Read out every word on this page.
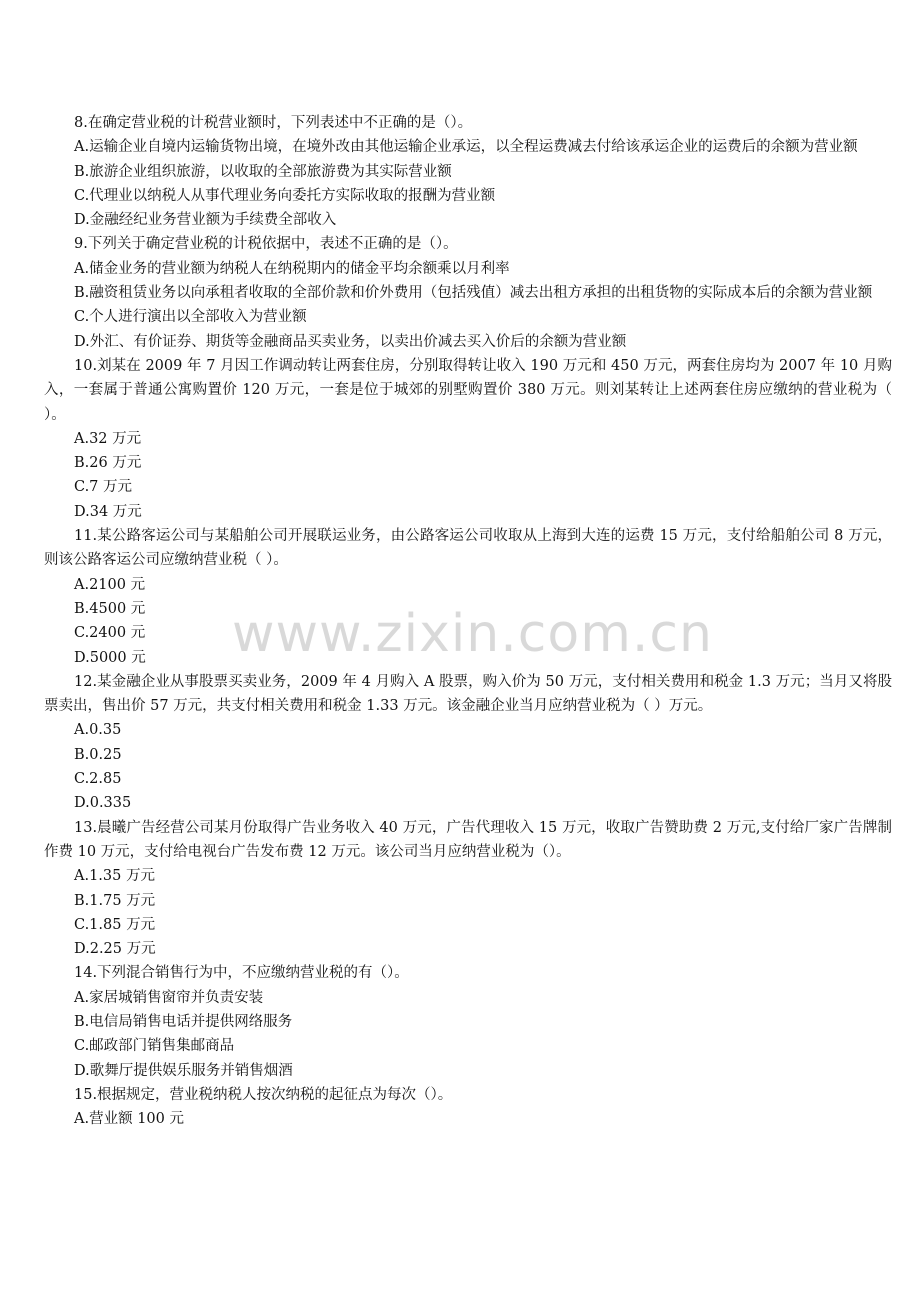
8.在确定营业税的计税营业额时，下列表述中不正确的是（）。
A.运输企业自境内运输货物出境，在境外改由其他运输企业承运，以全程运费减去付给该承运企业的运费后的余额为营业额
B.旅游企业组织旅游，以收取的全部旅游费为其实际营业额
C.代理业以纳税人从事代理业务向委托方实际收取的报酬为营业额
D.金融经纪业务营业额为手续费全部收入
9.下列关于确定营业税的计税依据中，表述不正确的是（）。
A.储金业务的营业额为纳税人在纳税期内的储金平均余额乘以月利率
B.融资租赁业务以向承租者收取的全部价款和价外费用（包括残值）减去出租方承担的出租货物的实际成本后的余额为营业额
C.个人进行演出以全部收入为营业额
D.外汇、有价证券、期货等金融商品买卖业务，以卖出价减去买入价后的余额为营业额
10.刘某在 2009 年 7 月因工作调动转让两套住房，分别取得转让收入 190 万元和 450 万元，两套住房均为 2007 年 10 月购入，一套属于普通公寓购置价 120 万元，一套是位于城郊的别墅购置价 380 万元。则刘某转让上述两套住房应缴纳的营业税为（ ）。
A.32 万元
B.26 万元
C.7 万元
D.34 万元
11.某公路客运公司与某船舶公司开展联运业务，由公路客运公司收取从上海到大连的运费 15 万元，支付给船舶公司 8 万元，则该公路客运公司应缴纳营业税（ ）。
A.2100 元
B.4500 元
C.2400 元
D.5000 元
12.某金融企业从事股票买卖业务，2009 年 4 月购入 A 股票，购入价为 50 万元，支付相关费用和税金 1.3 万元；当月又将股票卖出，售出价 57 万元，共支付相关费用和税金 1.33 万元。该金融企业当月应纳营业税为（ ）万元。
A.0.35
B.0.25
C.2.85
D.0.335
13.晨曦广告经营公司某月份取得广告业务收入 40 万元，广告代理收入 15 万元，收取广告赞助费 2 万元,支付给厂家广告牌制作费 10 万元，支付给电视台广告发布费 12 万元。该公司当月应纳营业税为（）。
A.1.35 万元
B.1.75 万元
C.1.85 万元
D.2.25 万元
14.下列混合销售行为中，不应缴纳营业税的有（）。
A.家居城销售窗帘并负责安装
B.电信局销售电话并提供网络服务
C.邮政部门销售集邮商品
D.歌舞厅提供娱乐服务并销售烟酒
15.根据规定，营业税纳税人按次纳税的起征点为每次（）。
A.营业额 100 元
www.zixin.com.cn
